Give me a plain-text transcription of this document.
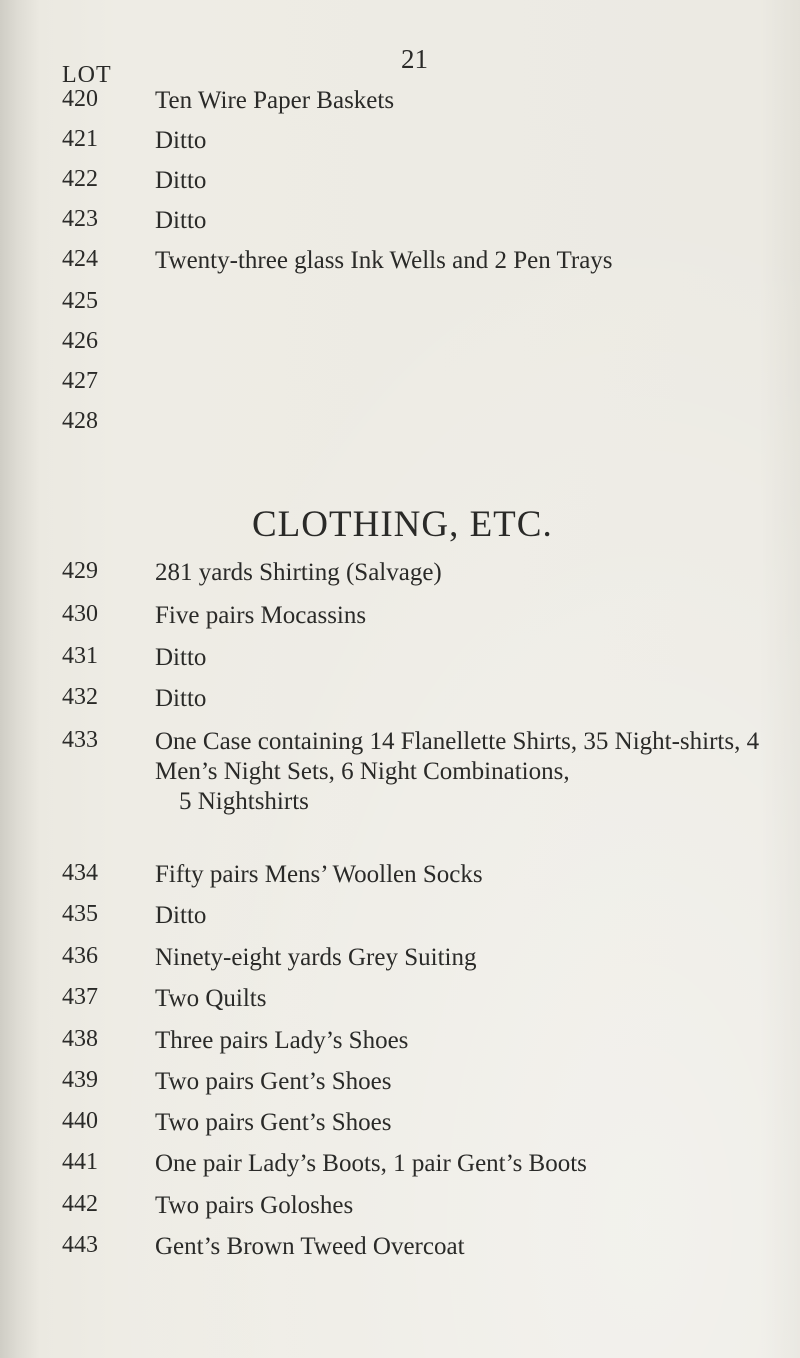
21
LOT
420 Ten Wire Paper Baskets
421 Ditto
422 Ditto
423 Ditto
424 Twenty-three glass Ink Wells and 2 Pen Trays
425
426
427
428
CLOTHING, ETC.
429 281 yards Shirting (Salvage)
430 Five pairs Mocassins
431 Ditto
432 Ditto
433 One Case containing 14 Flanellette Shirts, 35 Night-shirts, 4 Men’s Night Sets, 6 Night Combinations,
5 Nightshirts
434 Fifty pairs Mens’ Woollen Socks
435 Ditto
436 Ninety-eight yards Grey Suiting
437 Two Quilts
438 Three pairs Lady’s Shoes
439 Two pairs Gent’s Shoes
440 Two pairs Gent’s Shoes
441 One pair Lady’s Boots, 1 pair Gent’s Boots
442 Two pairs Goloshes
443 Gent’s Brown Tweed Overcoat
